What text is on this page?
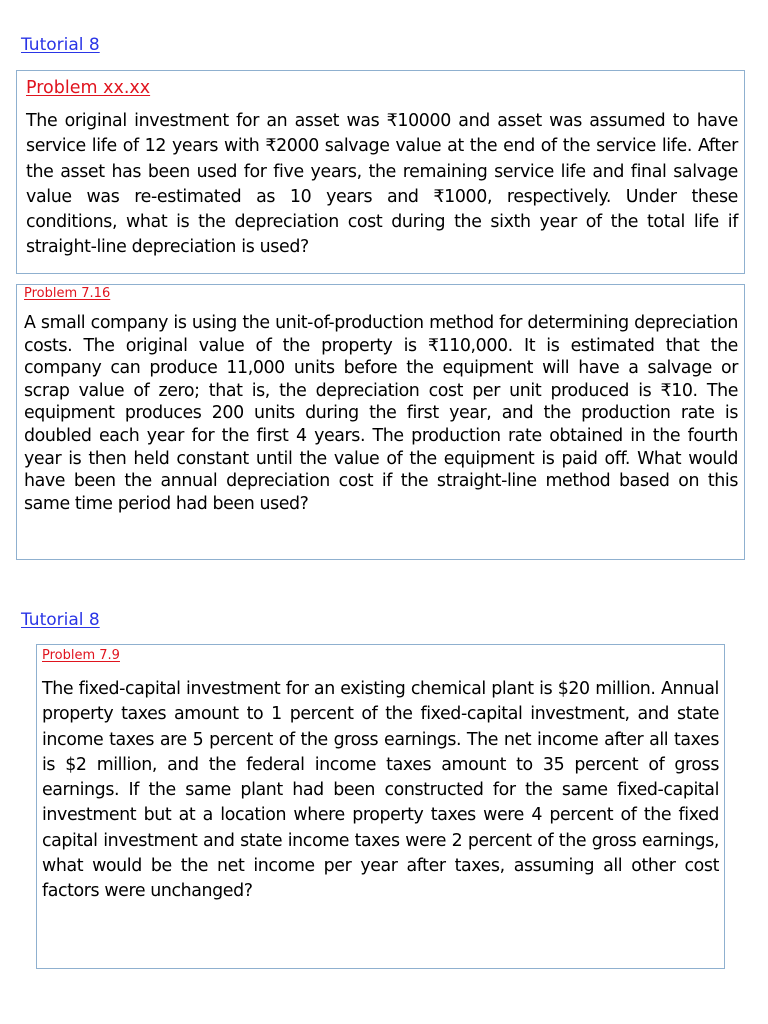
Tutorial 8
Problem xx.xx

The original investment for an asset was ₹10000 and asset was assumed to have service life of 12 years with ₹2000 salvage value at the end of the service life. After the asset has been used for five years, the remaining service life and final salvage value was re-estimated as 10 years and ₹1000, respectively. Under these conditions, what is the depreciation cost during the sixth year of the total life if straight-line depreciation is used?

Problem 7.16

A small company is using the unit-of-production method for determining depreciation costs. The original value of the property is ₹110,000. It is estimated that the company can produce 11,000 units before the equipment will have a salvage or scrap value of zero; that is, the depreciation cost per unit produced is ₹10. The equipment produces 200 units during the first year, and the production rate is doubled each year for the first 4 years. The production rate obtained in the fourth year is then held constant until the value of the equipment is paid off. What would have been the annual depreciation cost if the straight-line method based on this same time period had been used?

Tutorial 8
Problem 7.9

The fixed-capital investment for an existing chemical plant is $20 million. Annual property taxes amount to 1 percent of the fixed-capital investment, and state income taxes are 5 percent of the gross earnings. The net income after all taxes is $2 million, and the federal income taxes amount to 35 percent of gross earnings. If the same plant had been constructed for the same fixed-capital investment but at a location where property taxes were 4 percent of the fixed capital investment and state income taxes were 2 percent of the gross earnings, what would be the net income per year after taxes, assuming all other cost factors were unchanged?
